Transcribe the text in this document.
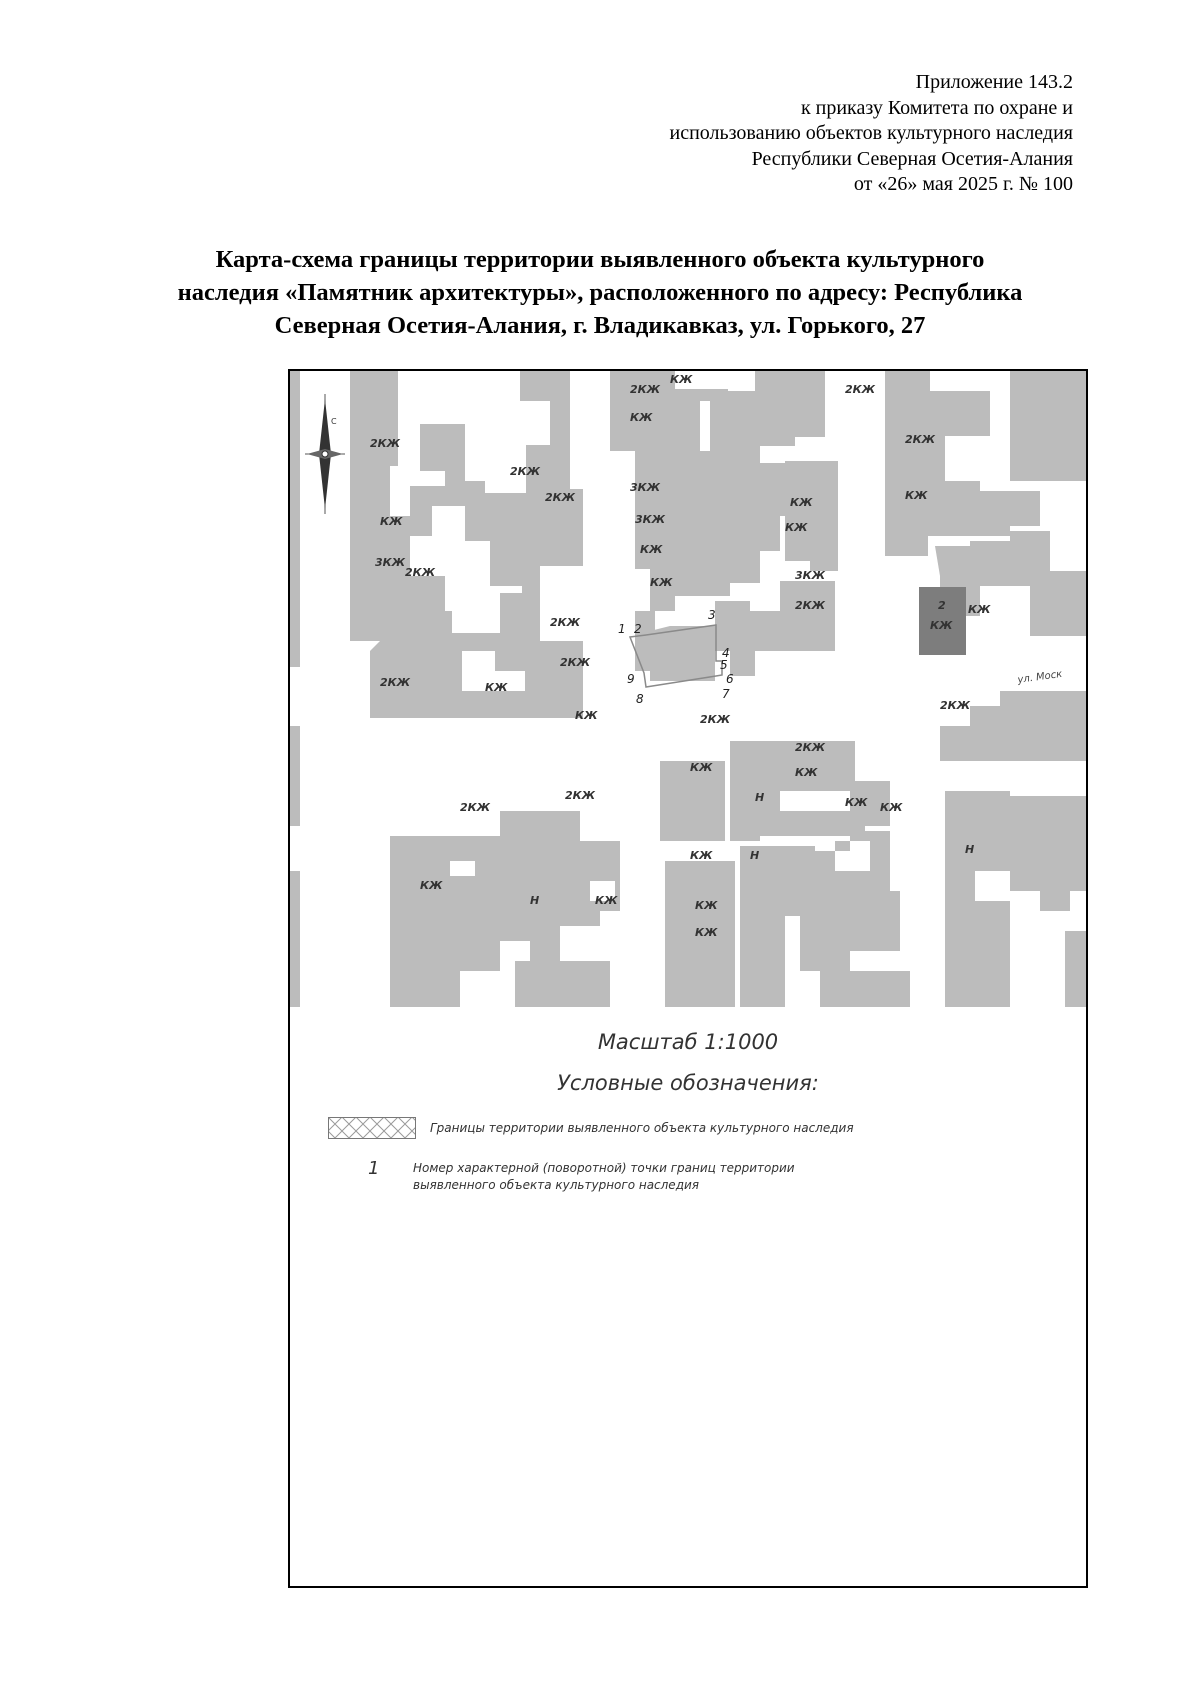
Приложение 143.2
к приказу Комитета по охране и
использованию объектов культурного наследия
Республики Северная Осетия-Алания
от «26» мая 2025 г. № 100
Карта-схема границы территории выявленного объекта культурного
наследия «Памятник архитектуры», расположенного по адресу: Республика
Северная Осетия-Алания, г. Владикавказ, ул. Горького, 27
2
КЖ
2КЖ
КЖ
2КЖ
2КЖ
2КЖ
2КЖ
КЖ
3КЖ
2КЖ	КЖ
2КЖ
2КЖ
2КЖ
КЖ
3КЖ
3КЖ
КЖ
КЖ
КЖ
2КЖ
КЖ
КЖ
2КЖ
КЖ
КЖ
2КЖ
3КЖ
2КЖ
2КЖ
КЖ
КЖ
Н	КЖ
Н
КЖ
КЖ
КЖ
2КЖ
2КЖ
КЖ
Н	КЖ
Н
КЖ
1 2
3
4
5
6
7
8
9	ул. Моск
С
Масштаб 1:1000
Условные обозначения:
Границы территории выявленного объекта культурного наследия
1	Номер характерной (поворотной) точки границ территории
выявленного объекта культурного наследия
